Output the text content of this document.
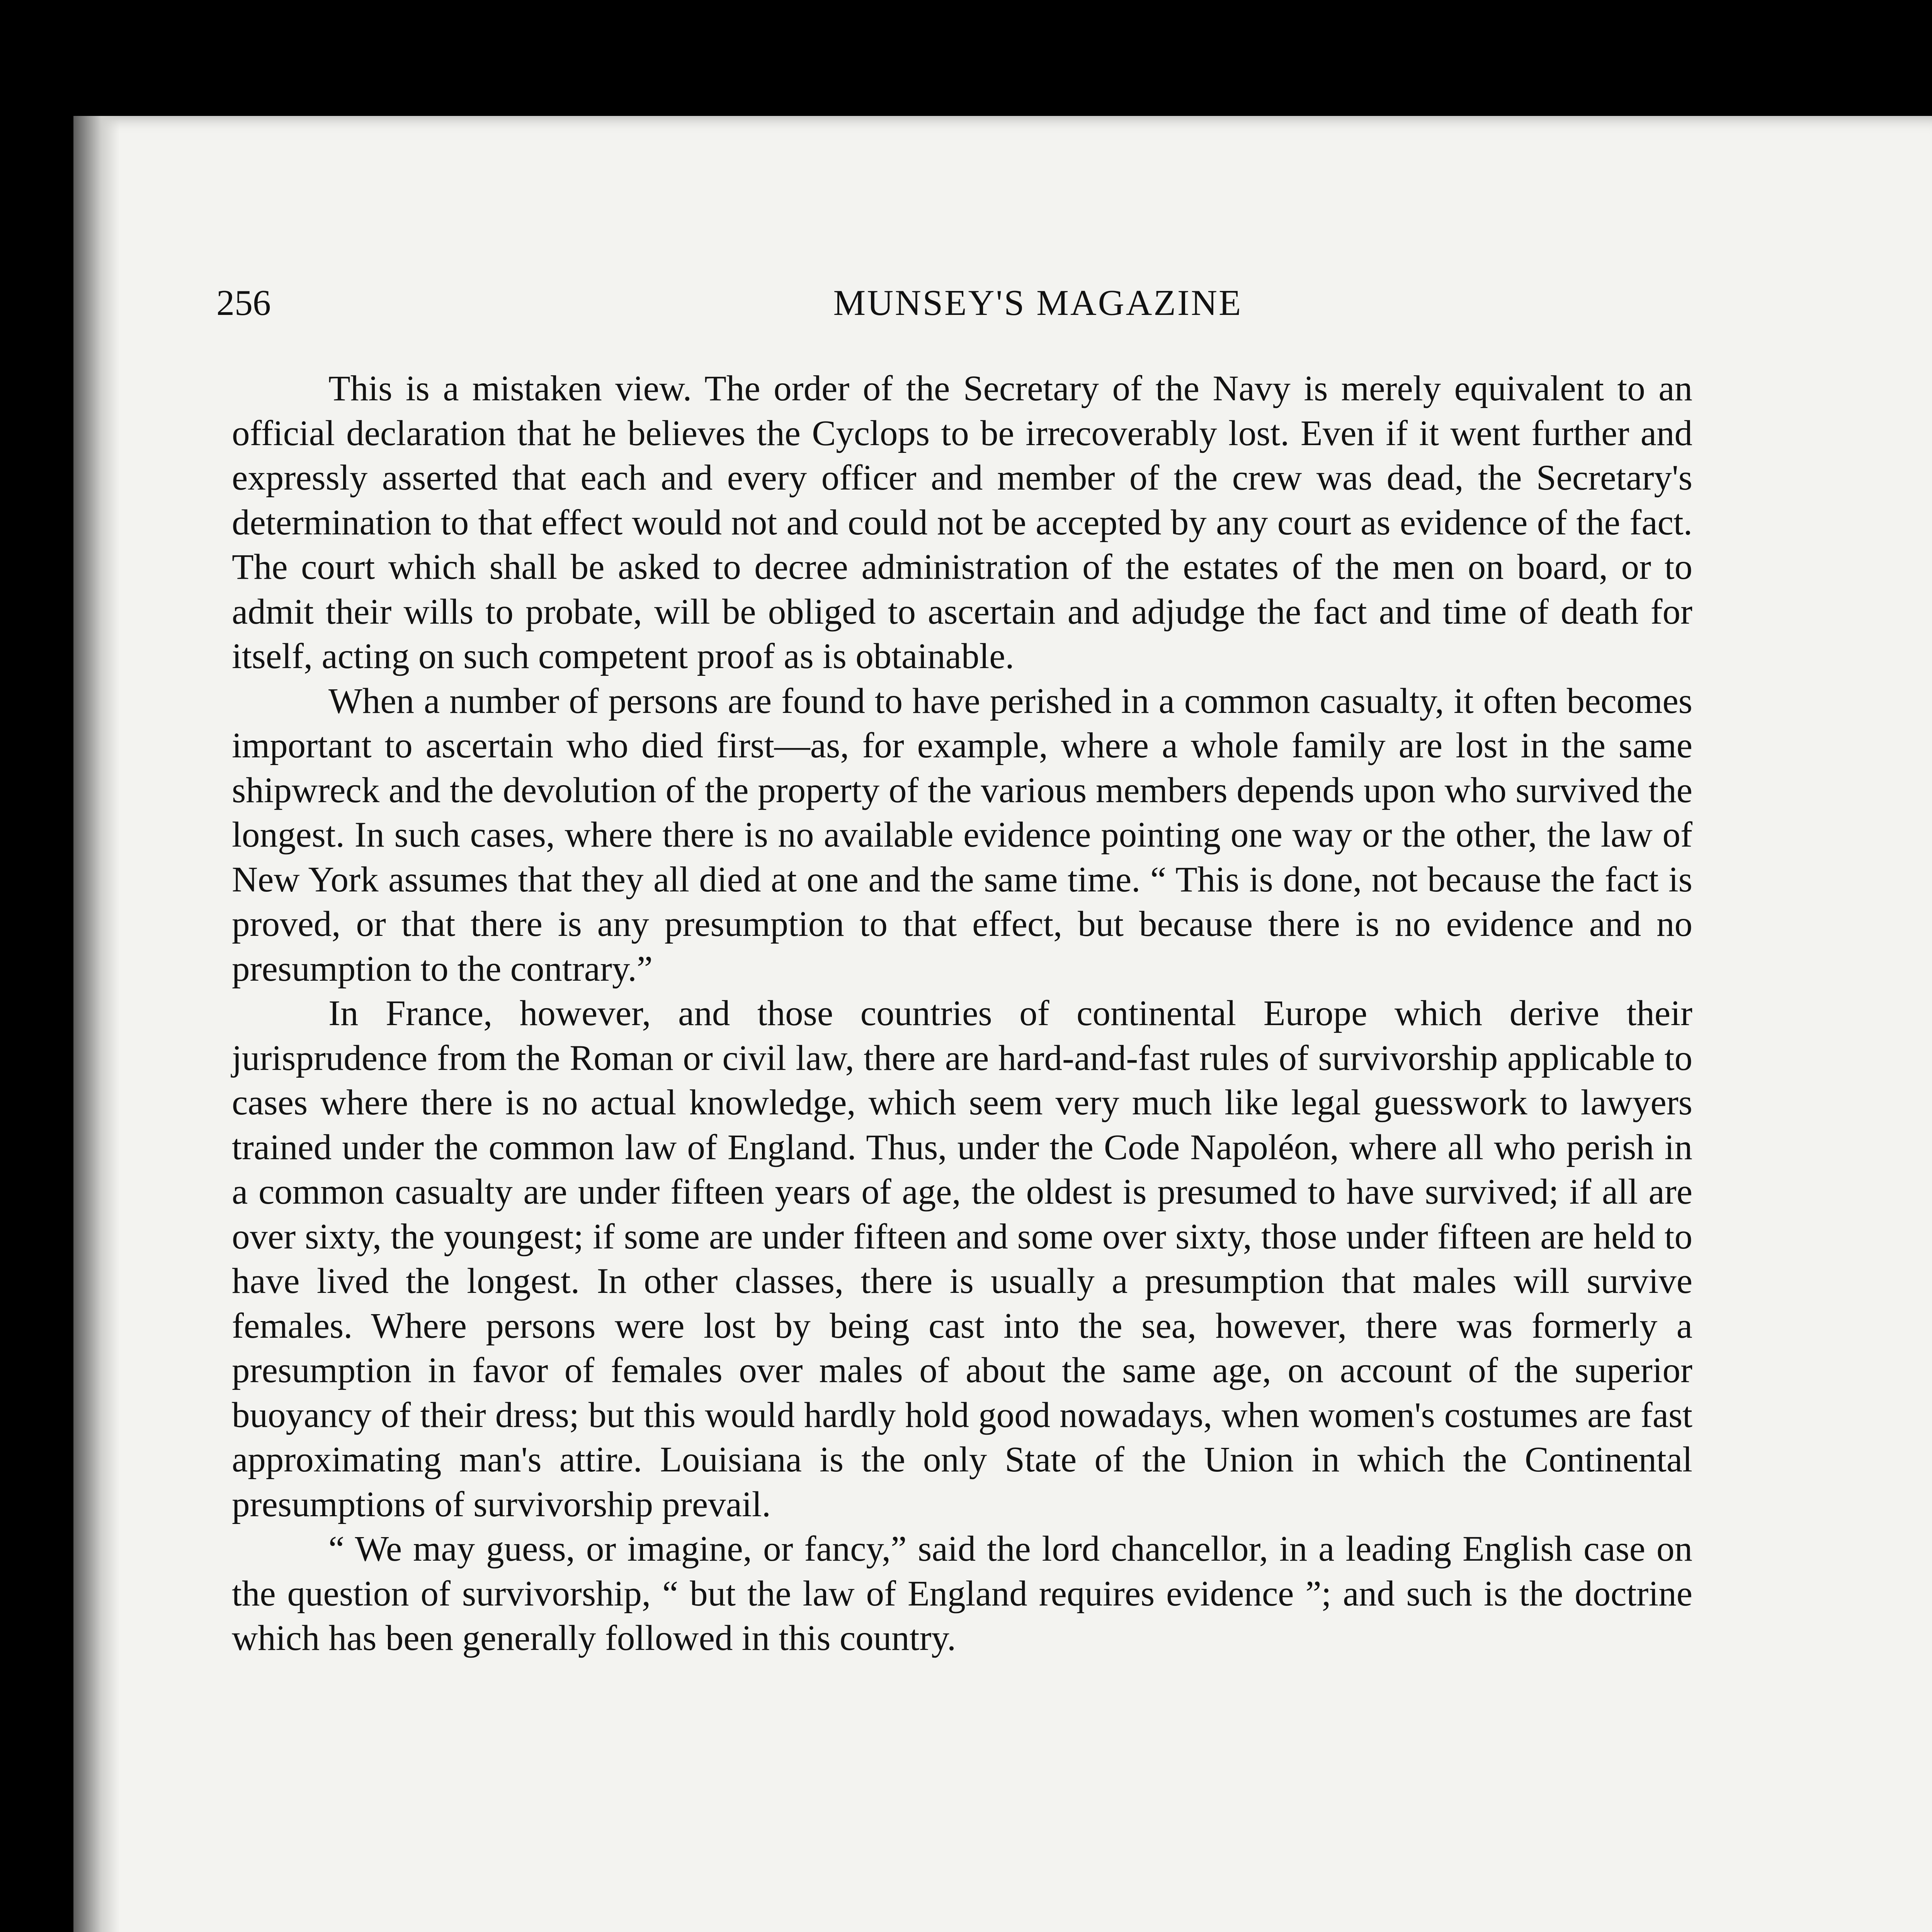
256	MUNSEY'S MAGAZINE

This is a mistaken view. The order of the Secretary of the Navy is merely equivalent to an official declaration that he believes the Cyclops to be irrecoverably lost. Even if it went further and expressly asserted that each and every officer and member of the crew was dead, the Secretary's determination to that effect would not and could not be accepted by any court as evidence of the fact. The court which shall be asked to decree administration of the estates of the men on board, or to admit their wills to probate, will be obliged to ascertain and adjudge the fact and time of death for itself, acting on such competent proof as is obtainable.

When a number of persons are found to have perished in a common casualty, it often becomes important to ascertain who died first—as, for example, where a whole family are lost in the same shipwreck and the devolution of the property of the various members depends upon who survived the longest. In such cases, where there is no available evidence pointing one way or the other, the law of New York assumes that they all died at one and the same time. “ This is done, not because the fact is proved, or that there is any presumption to that effect, but because there is no evidence and no presumption to the contrary.”

In France, however, and those countries of continental Europe which derive their jurisprudence from the Roman or civil law, there are hard-and-fast rules of survivorship applicable to cases where there is no actual knowledge, which seem very much like legal guesswork to lawyers trained under the common law of England. Thus, under the Code Napoléon, where all who perish in a common casualty are under fifteen years of age, the oldest is presumed to have survived; if all are over sixty, the youngest; if some are under fifteen and some over sixty, those under fifteen are held to have lived the longest. In other classes, there is usually a presumption that males will survive females. Where persons were lost by being cast into the sea, however, there was formerly a presumption in favor of females over males of about the same age, on account of the superior buoyancy of their dress; but this would hardly hold good nowadays, when women's costumes are fast approximating man's attire. Louisiana is the only State of the Union in which the Continental presumptions of survivorship prevail.

“ We may guess, or imagine, or fancy,” said the lord chancellor, in a leading English case on the question of survivorship, “ but the law of England requires evidence ”; and such is the doctrine which has been generally followed in this country.
